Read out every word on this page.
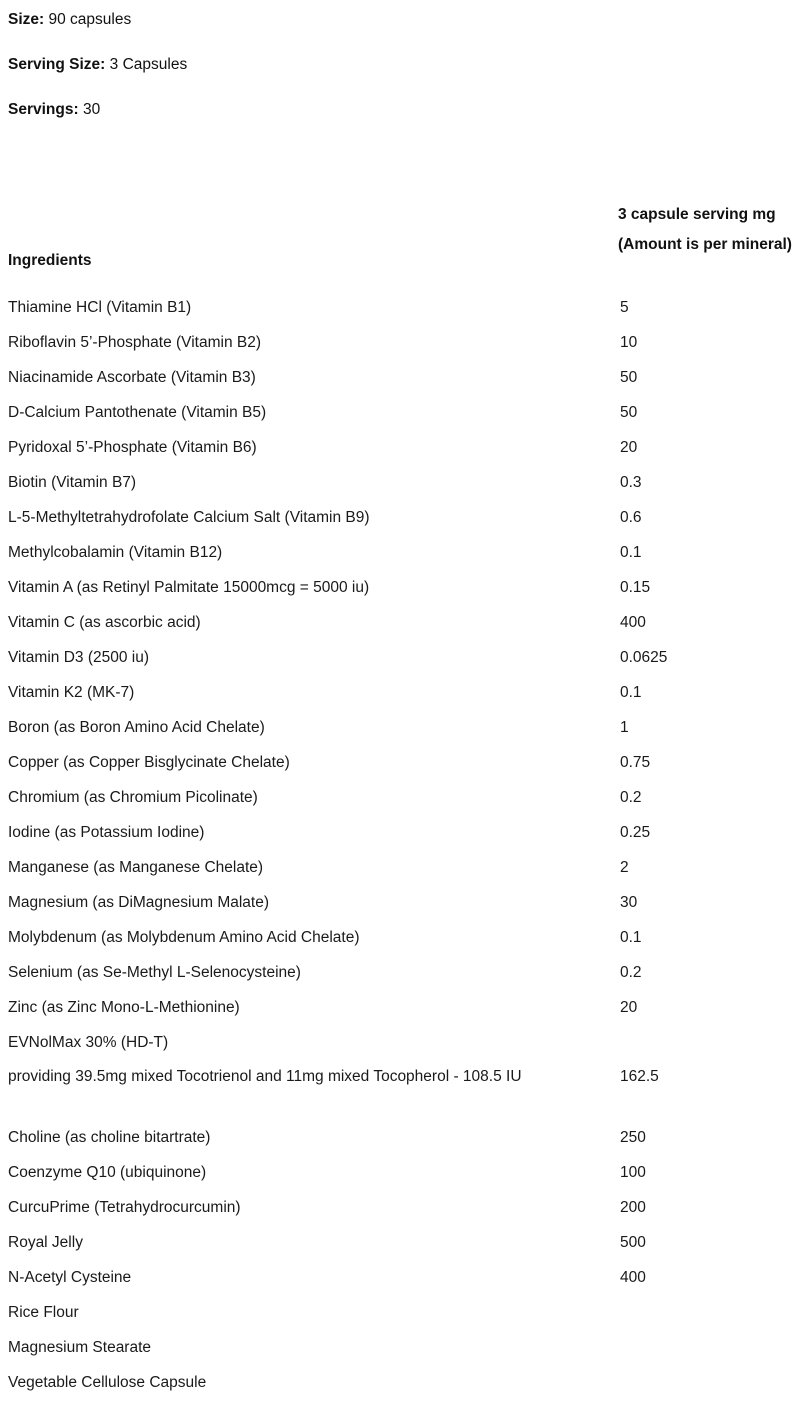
Size: 90 capsules
Serving Size: 3 Capsules
Servings: 30
Ingredients
3 capsule serving mg (Amount is per mineral)
Thiamine HCl (Vitamin B1)	5
Riboflavin 5’-Phosphate (Vitamin B2)	10
Niacinamide Ascorbate (Vitamin B3)	50
D-Calcium Pantothenate (Vitamin B5)	50
Pyridoxal 5’-Phosphate (Vitamin B6)	20
Biotin (Vitamin B7)	0.3
L-5-Methyltetrahydrofolate Calcium Salt (Vitamin B9)	0.6
Methylcobalamin (Vitamin B12)	0.1
Vitamin A (as Retinyl Palmitate 15000mcg = 5000 iu)	0.15
Vitamin C (as ascorbic acid)	400
Vitamin D3 (2500 iu)	0.0625
Vitamin K2 (MK-7)	0.1
Boron (as Boron Amino Acid Chelate)	1
Copper (as Copper Bisglycinate Chelate)	0.75
Chromium (as Chromium Picolinate)	0.2
Iodine (as Potassium Iodine)	0.25
Manganese (as Manganese Chelate)	2
Magnesium (as DiMagnesium Malate)	30
Molybdenum (as Molybdenum Amino Acid Chelate)	0.1
Selenium (as Se-Methyl L-Selenocysteine)	0.2
Zinc (as Zinc Mono-L-Methionine)	20
EVNolMax 30% (HD-T)
providing 39.5mg mixed Tocotrienol and 11mg mixed Tocopherol - 108.5 IU	162.5
Choline (as choline bitartrate)	250
Coenzyme Q10 (ubiquinone)	100
CurcuPrime (Tetrahydrocurcumin)	200
Royal Jelly	500
N-Acetyl Cysteine	400
Rice Flour
Magnesium Stearate
Vegetable Cellulose Capsule
